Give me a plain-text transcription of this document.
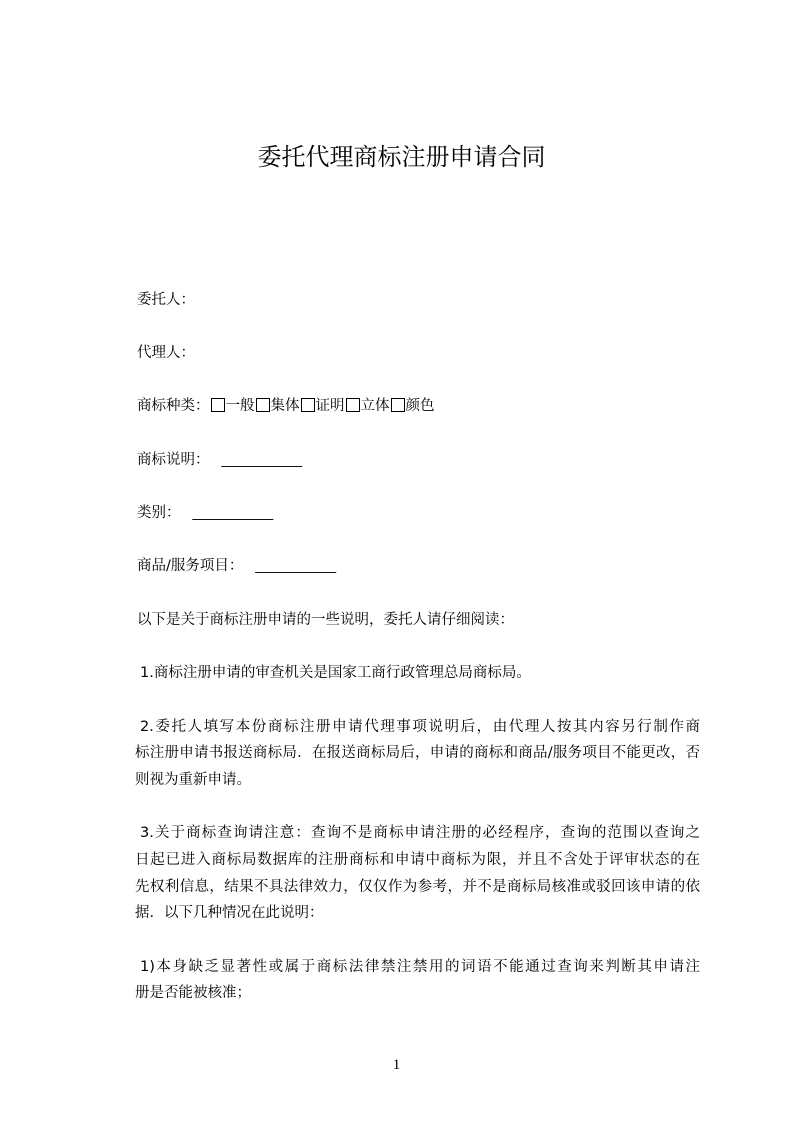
委托代理商标注册申请合同
委托人：
代理人：
商标种类： 一般 集体 证明 立体 颜色
商标说明： __________
类别： __________
商品/服务项目： __________
以下是关于商标注册申请的一些说明，委托人请仔细阅读：
1.商标注册申请的审查机关是国家工商行政管理总局商标局。
2.委托人填写本份商标注册申请代理事项说明后，由代理人按其内容另行制作商
标注册申请书报送商标局．在报送商标局后，申请的商标和商品/服务项目不能更改，否
则视为重新申请。
3.关于商标查询请注意：查询不是商标申请注册的必经程序，查询的范围以查询之
日起已进入商标局数据库的注册商标和申请中商标为限，并且不含处于评审状态的在
先权利信息，结果不具法律效力，仅仅作为参考，并不是商标局核准或驳回该申请的依
据．以下几种情况在此说明：
1)本身缺乏显著性或属于商标法律禁注禁用的词语不能通过查询来判断其申请注
册是否能被核准；
1
